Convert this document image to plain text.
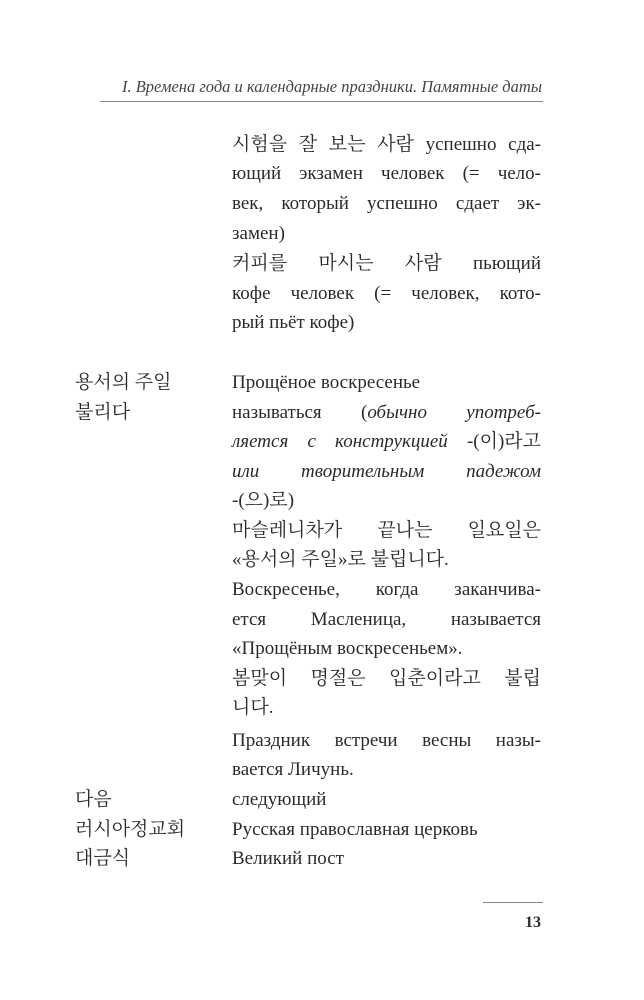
I. Времена года и календарные праздники. Памятные даты
시험을 잘 보는 사람 успешно сда-
ющий экзамен человек (= чело-
век, который успешно сдает эк-
замен)
커피를 마시는 사람 пьющий
кофе человек (= человек, кото-
рый пьёт кофе)
용서의 주일
불리다
Прощёное воскресенье
называться (обычно употреб-
ляется с конструкцией -(이)라고
или творительным падежом
-(으)로)
마슬레니차가 끝나는 일요일은
«용서의 주일»로 불립니다.
Воскресенье, когда заканчива-
ется Масленица, называется
«Прощёным воскресеньем».
봄맞이 명절은 입춘이라고 불립
니다.
Праздник встречи весны назы-
вается Личунь.
다음	следующий
러시아정교회 Русская православная церковь
대금식	Великий пост
13
